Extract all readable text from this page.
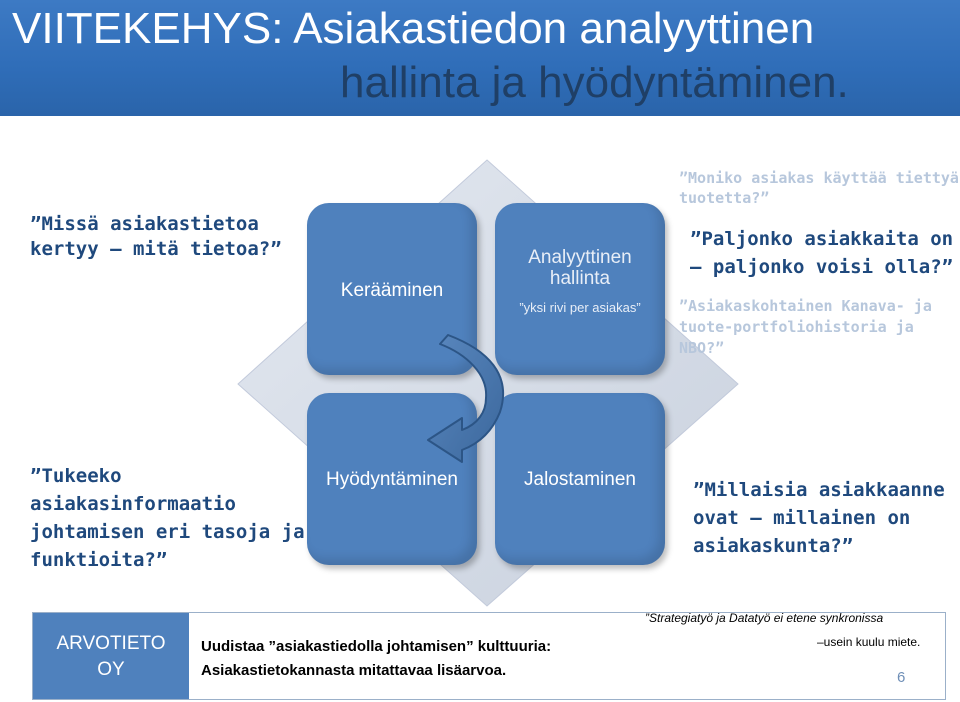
VIITEKEHYS: Asiakastiedon analyyttinen
hallinta ja hyödyntäminen.
Kerääminen
Analyyttinen hallinta
”yksi rivi per asiakas”
Hyödyntäminen	Jalostaminen
”Missä asiakastietoa kertyy – mitä tietoa?”
”Moniko asiakas käyttää tiettyä tuotetta?”
”Paljonko asiakkaita on – paljonko voisi olla?”
”Asiakaskohtainen Kanava- ja tuote-portfoliohistoria ja NBO?”
”Tukeeko asiakasinformaatio johtamisen eri tasoja ja funktioita?”
”Millaisia asiakkaanne ovat – millainen on asiakaskunta?”
ARVOTIETO
OY
Uudistaa ”asiakastiedolla johtamisen” kulttuuria:
Asiakastietokannasta mitattavaa lisäarvoa.
”Strategiatyö ja Datatyö ei etene synkronissa
–usein kuulu miete.
6
